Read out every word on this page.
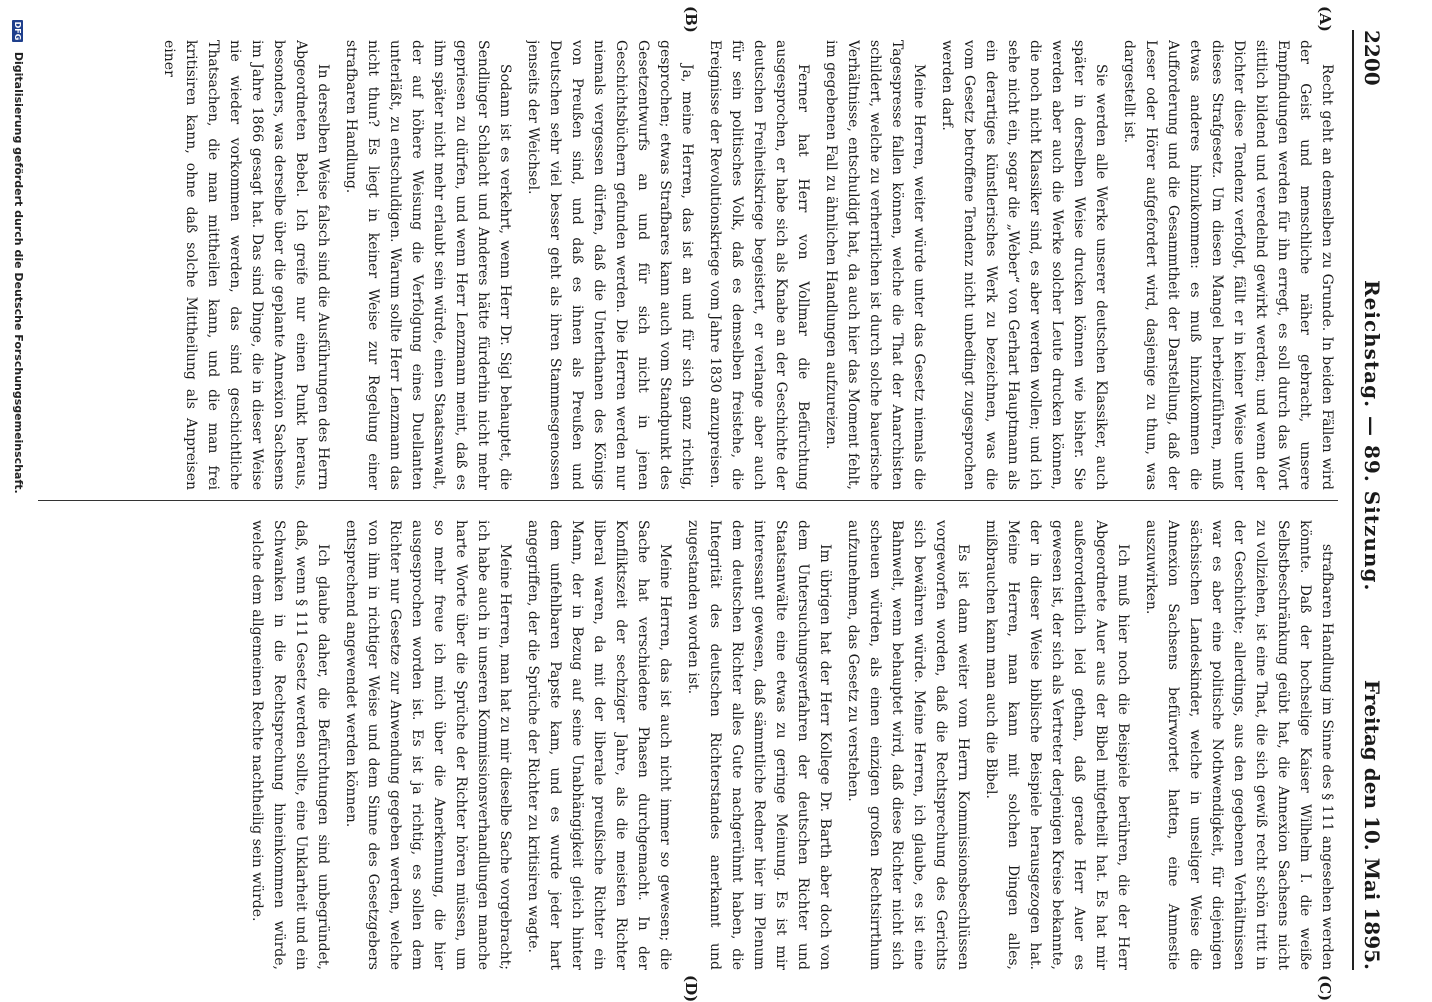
2200
Reichstag. — 89. Sitzung.
Freitag den 10. Mai 1895.
(A)
(B)
(C)
(D)

Recht geht an demselben zu Grunde. In beiden Fällen wird der Geist und menschliche näher gebracht, unsere Empfindungen werden für ihn erregt, es soll durch das Wort sittlich bildend und veredelnd gewirkt werden; und wenn der Dichter diese Tendenz verfolgt, fällt er in keiner Weise unter dieses Strafgesetz. Um diesen Mangel herbeizuführen, muß etwas anderes hinzukommen: es muß hinzukommen die Aufforderung und die Gesammtheit der Darstellung, daß der Leser oder Hörer aufgefordert wird, dasjenige zu thun, was dargestellt ist.

Sie werden alle Werke unserer deutschen Klassiker, auch später in derselben Weise drucken können wie bisher. Sie werden aber auch die Werke solcher Leute drucken können, die noch nicht Klassiker sind, es aber werden wollen; und ich sehe nicht ein, sogar die „Weber“ von Gerhart Hauptmann als ein derartiges künstlerisches Werk zu bezeichnen, was die vom Gesetz betroffene Tendenz nicht unbedingt zugesprochen werden darf.

Meine Herren, weiter würde unter das Gesetz niemals die Tagespresse fallen können, welche die That der Anarchisten schildert, welche zu verherrlichen ist durch solche bauerische Verhältnisse, entschuldigt hat, da auch hier das Moment fehlt, im gegebenen Fall zu ähnlichen Handlungen aufzureizen.

Ferner hat Herr von Vollmar die Befürchtung ausgesprochen, er habe sich als Knabe an der Geschichte der deutschen Freiheitskriege begeistert, er verlange aber auch für sein politisches Volk, daß es demselben freistehe, die Ereignisse der Revolutionskriege vom Jahre 1830 anzupreisen.

Ja, meine Herren, das ist an und für sich ganz richtig, gesprochen; etwas Strafbares kann auch vom Standpunkt des Gesetzentwurfs an und für sich nicht in jenen Geschichtsbüchern gefunden werden. Die Herren werden nur niemals vergessen dürfen, daß die Unterthanen des Königs von Preußen sind, und daß es ihnen als Preußen und Deutschen sehr viel besser geht als ihren Stammesgenossen jenseits der Weichsel.

Sodann ist es verkehrt, wenn Herr Dr. Sigl behauptet, die Sendlinger Schlacht und Anderes hätte fürderhin nicht mehr gepriesen zu dürfen, und wenn Herr Lenzmann meint, daß es ihm später nicht mehr erlaubt sein würde, einen Staatsanwalt, der auf höhere Weisung die Verfolgung eines Duellanten unterläßt, zu entschuldigen. Warum sollte Herr Lenzmann das nicht thun? Es liegt in keiner Weise zur Regelung einer strafbaren Handlung.

In derselben Weise falsch sind die Ausführungen des Herrn Abgeordneten Bebel. Ich greife nur einen Punkt heraus, besonders, was derselbe über die geplante Annexion Sachsens im Jahre 1866 gesagt hat. Das sind Dinge, die in dieser Weise nie wieder vorkommen werden, das sind geschichtliche Thatsachen, die man mittheilen kann, und die man frei kritisiren kann, ohne daß solche Mittheilung als Anpreisen einer

strafbaren Handlung im Sinne des § 111 angesehen werden könnte. Daß der hochselige Kaiser Wilhelm I. die weiße Selbstbeschränkung geübt hat, die Annexion Sachsens nicht zu vollziehen, ist eine That, die sich gewiß recht schön tritt in der Geschichte; allerdings, aus den gegebenen Verhältnissen war es aber eine politische Nothwendigkeit, für diejenigen sächsischen Landeskinder, welche in unseliger Weise die Annexion Sachsens befürwortet hatten, eine Amnestie auszuwirken.

Ich muß hier noch die Beispiele berühren, die der Herr Abgeordnete Auer aus der Bibel mitgetheilt hat. Es hat mir außerordentlich leid gethan, daß gerade Herr Auer es gewesen ist, der sich als Vertreter derjenigen Kreise bekannte, der in dieser Weise biblische Beispiele herausgezogen hat. Meine Herren, man kann mit solchen Dingen alles, mißbrauchen kann man auch die Bibel.

Es ist dann weiter vom Herrn Kommissionsbeschlüssen vorgeworfen worden, daß die Rechtsprechung des Gerichts sich bewähren würde. Meine Herren, ich glaube, es ist eine Bahnwelt, wenn behauptet wird, daß diese Richter nicht sich scheuen würden, als einen einzigen großen Rechtsirrthum aufzunehmen, das Gesetz zu verstehen.

Im übrigen hat der Herr Kollege Dr. Barth aber doch von dem Untersuchungsverfahren der deutschen Richter und Staatsanwälte eine etwas zu geringe Meinung. Es ist mir interessant gewesen, daß sämmtliche Redner hier im Plenum dem deutschen Richter alles Gute nachgerühmt haben, die Integrität des deutschen Richterstandes anerkannt und zugestanden worden ist.

Meine Herren, das ist auch nicht immer so gewesen; die Sache hat verschiedene Phasen durchgemacht. In der Konfliktszeit der sechziger Jahre, als die meisten Richter liberal waren, da mit der liberale preußische Richter ein Mann, der in Bezug auf seine Unabhängigkeit gleich hinter dem unfehlbaren Papste kam, und es wurde jeder hart angegriffen, der die Sprüche der Richter zu kritisiren wagte.

Meine Herren, man hat zu mir dieselbe Sache vorgebracht; ich habe auch in unseren Kommissionsverhandlungen manche harte Worte über die Sprüche der Richter hören müssen, um so mehr freue ich mich über die Anerkennung, die hier ausgesprochen worden ist. Es ist ja richtig, es sollen dem Richter nur Gesetze zur Anwendung gegeben werden, welche von ihm in richtiger Weise und dem Sinne des Gesetzgebers entsprechend angewendet werden können.

Ich glaube daher, die Befürchtungen sind unbegründet, daß, wenn § 111 Gesetz werden sollte, eine Unklarheit und ein Schwanken in die Rechtsprechung hineinkommen würde, welche dem allgemeinen Rechte nachtheilig sein würde.

DFG Digitalisierung gefördert durch die Deutsche Forschungsgemeinschaft.
